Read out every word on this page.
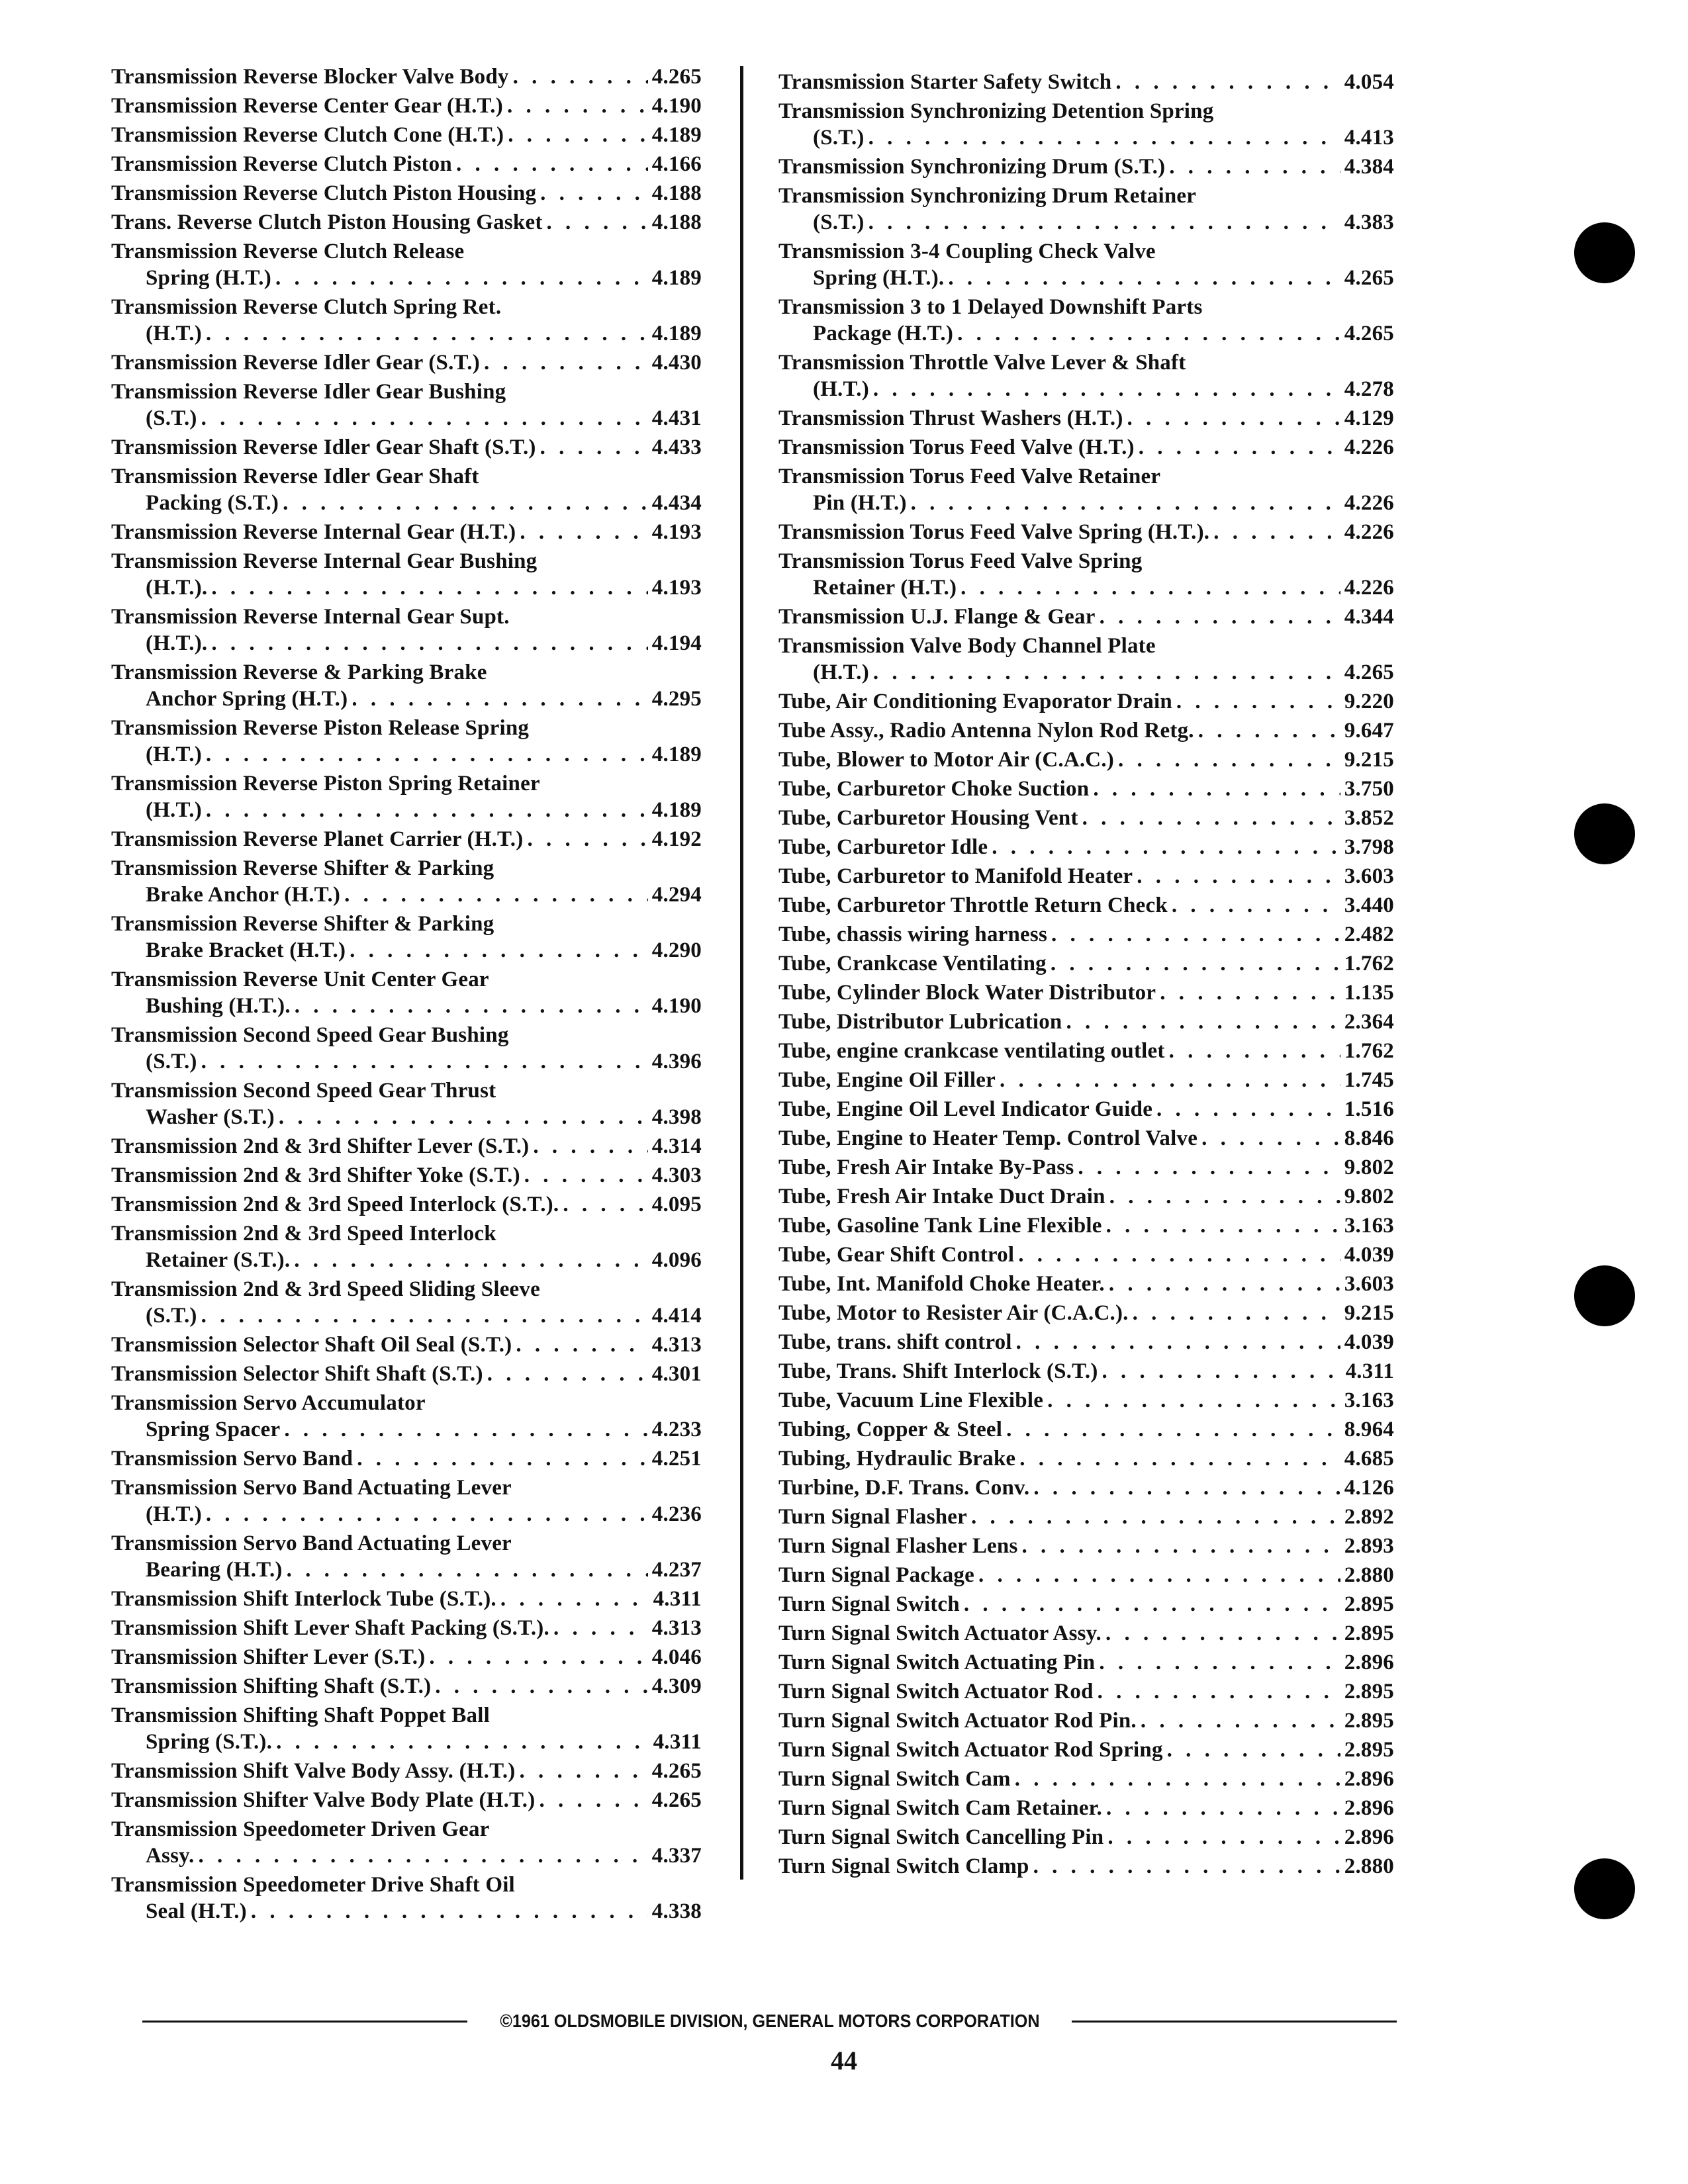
Transmission Reverse Blocker Valve Body . . .	4.265
Transmission Reverse Center Gear (H.T.) . . .	4.190
Transmission Reverse Clutch Cone (H.T.) . . .	4.189
Transmission Reverse Clutch Piston . . .	4.166
Transmission Reverse Clutch Piston Housing . . .	4.188
Trans. Reverse Clutch Piston Housing Gasket . . .	4.188
Transmission Reverse Clutch Release
Spring (H.T.) . . .	4.189
Transmission Reverse Clutch Spring Ret.
(H.T.) . . .	4.189
Transmission Reverse Idler Gear (S.T.) . . .	4.430
Transmission Reverse Idler Gear Bushing
(S.T.) . . .	4.431
Transmission Reverse Idler Gear Shaft (S.T.) . . .	4.433
Transmission Reverse Idler Gear Shaft
Packing (S.T.) . . .	4.434
Transmission Reverse Internal Gear (H.T.) . . .	4.193
Transmission Reverse Internal Gear Bushing
(H.T.). . . .	4.193
Transmission Reverse Internal Gear Supt.
(H.T.). . . .	4.194
Transmission Reverse & Parking Brake
Anchor Spring (H.T.) . . .	4.295
Transmission Reverse Piston Release Spring
(H.T.) . . .	4.189
Transmission Reverse Piston Spring Retainer
(H.T.) . . .	4.189
Transmission Reverse Planet Carrier (H.T.) . . .	4.192
Transmission Reverse Shifter & Parking
Brake Anchor (H.T.) . . .	4.294
Transmission Reverse Shifter & Parking
Brake Bracket (H.T.) . . .	4.290
Transmission Reverse Unit Center Gear
Bushing (H.T.). . . .	4.190
Transmission Second Speed Gear Bushing
(S.T.) . . .	4.396
Transmission Second Speed Gear Thrust
Washer (S.T.) . . .	4.398
Transmission 2nd & 3rd Shifter Lever (S.T.) . . .	4.314
Transmission 2nd & 3rd Shifter Yoke (S.T.) . . .	4.303
Transmission 2nd & 3rd Speed Interlock (S.T.). . . .	4.095
Transmission 2nd & 3rd Speed Interlock
Retainer (S.T.). . . .	4.096
Transmission 2nd & 3rd Speed Sliding Sleeve
(S.T.) . . .	4.414
Transmission Selector Shaft Oil Seal (S.T.) . . .	4.313
Transmission Selector Shift Shaft (S.T.) . . .	4.301
Transmission Servo Accumulator
Spring Spacer . . .	4.233
Transmission Servo Band . . .	4.251
Transmission Servo Band Actuating Lever
(H.T.) . . .	4.236
Transmission Servo Band Actuating Lever
Bearing (H.T.) . . .	4.237
Transmission Shift Interlock Tube (S.T.). . . .	4.311
Transmission Shift Lever Shaft Packing (S.T.). . . .	4.313
Transmission Shifter Lever (S.T.) . . .	4.046
Transmission Shifting Shaft (S.T.) . . .	4.309
Transmission Shifting Shaft Poppet Ball
Spring (S.T.). . . .	4.311
Transmission Shift Valve Body Assy. (H.T.) . . .	4.265
Transmission Shifter Valve Body Plate (H.T.) . . .	4.265
Transmission Speedometer Driven Gear
Assy. . . .	4.337
Transmission Speedometer Drive Shaft Oil
Seal (H.T.) . . .	4.338
Transmission Starter Safety Switch . . .	4.054
Transmission Synchronizing Detention Spring
(S.T.) . . .	4.413
Transmission Synchronizing Drum (S.T.) . . .	4.384
Transmission Synchronizing Drum Retainer
(S.T.) . . .	4.383
Transmission 3-4 Coupling Check Valve
Spring (H.T.). . . .	4.265
Transmission 3 to 1 Delayed Downshift Parts
Package (H.T.) . . .	4.265
Transmission Throttle Valve Lever & Shaft
(H.T.) . . .	4.278
Transmission Thrust Washers (H.T.) . . .	4.129
Transmission Torus Feed Valve (H.T.) . . .	4.226
Transmission Torus Feed Valve Retainer
Pin (H.T.) . . .	4.226
Transmission Torus Feed Valve Spring (H.T.). . . .	4.226
Transmission Torus Feed Valve Spring
Retainer (H.T.) . . .	4.226
Transmission U.J. Flange & Gear . . .	4.344
Transmission Valve Body Channel Plate
(H.T.) . . .	4.265
Tube, Air Conditioning Evaporator Drain . . .	9.220
Tube Assy., Radio Antenna Nylon Rod Retg. . . .	9.647
Tube, Blower to Motor Air (C.A.C.) . . .	9.215
Tube, Carburetor Choke Suction . . .	3.750
Tube, Carburetor Housing Vent . . .	3.852
Tube, Carburetor Idle . . .	3.798
Tube, Carburetor to Manifold Heater . . .	3.603
Tube, Carburetor Throttle Return Check . . .	3.440
Tube, chassis wiring harness . . .	2.482
Tube, Crankcase Ventilating . . .	1.762
Tube, Cylinder Block Water Distributor . . .	1.135
Tube, Distributor Lubrication . . .	2.364
Tube, engine crankcase ventilating outlet . . .	1.762
Tube, Engine Oil Filler . . .	1.745
Tube, Engine Oil Level Indicator Guide . . .	1.516
Tube, Engine to Heater Temp. Control Valve . . .	8.846
Tube, Fresh Air Intake By-Pass . . .	9.802
Tube, Fresh Air Intake Duct Drain . . .	9.802
Tube, Gasoline Tank Line Flexible . . .	3.163
Tube, Gear Shift Control . . .	4.039
Tube, Int. Manifold Choke Heater. . . .	3.603
Tube, Motor to Resister Air (C.A.C.). . . .	9.215
Tube, trans. shift control . . .	4.039
Tube, Trans. Shift Interlock (S.T.) . . .	4.311
Tube, Vacuum Line Flexible . . .	3.163
Tubing, Copper & Steel . . .	8.964
Tubing, Hydraulic Brake . . .	4.685
Turbine, D.F. Trans. Conv. . . .	4.126
Turn Signal Flasher . . .	2.892
Turn Signal Flasher Lens . . .	2.893
Turn Signal Package . . .	2.880
Turn Signal Switch . . .	2.895
Turn Signal Switch Actuator Assy. . . .	2.895
Turn Signal Switch Actuating Pin . . .	2.896
Turn Signal Switch Actuator Rod . . .	2.895
Turn Signal Switch Actuator Rod Pin. . . .	2.895
Turn Signal Switch Actuator Rod Spring . . .	2.895
Turn Signal Switch Cam . . .	2.896
Turn Signal Switch Cam Retainer. . . .	2.896
Turn Signal Switch Cancelling Pin . . .	2.896
Turn Signal Switch Clamp . . .	2.880
©1961 OLDSMOBILE DIVISION, GENERAL MOTORS CORPORATION
44
